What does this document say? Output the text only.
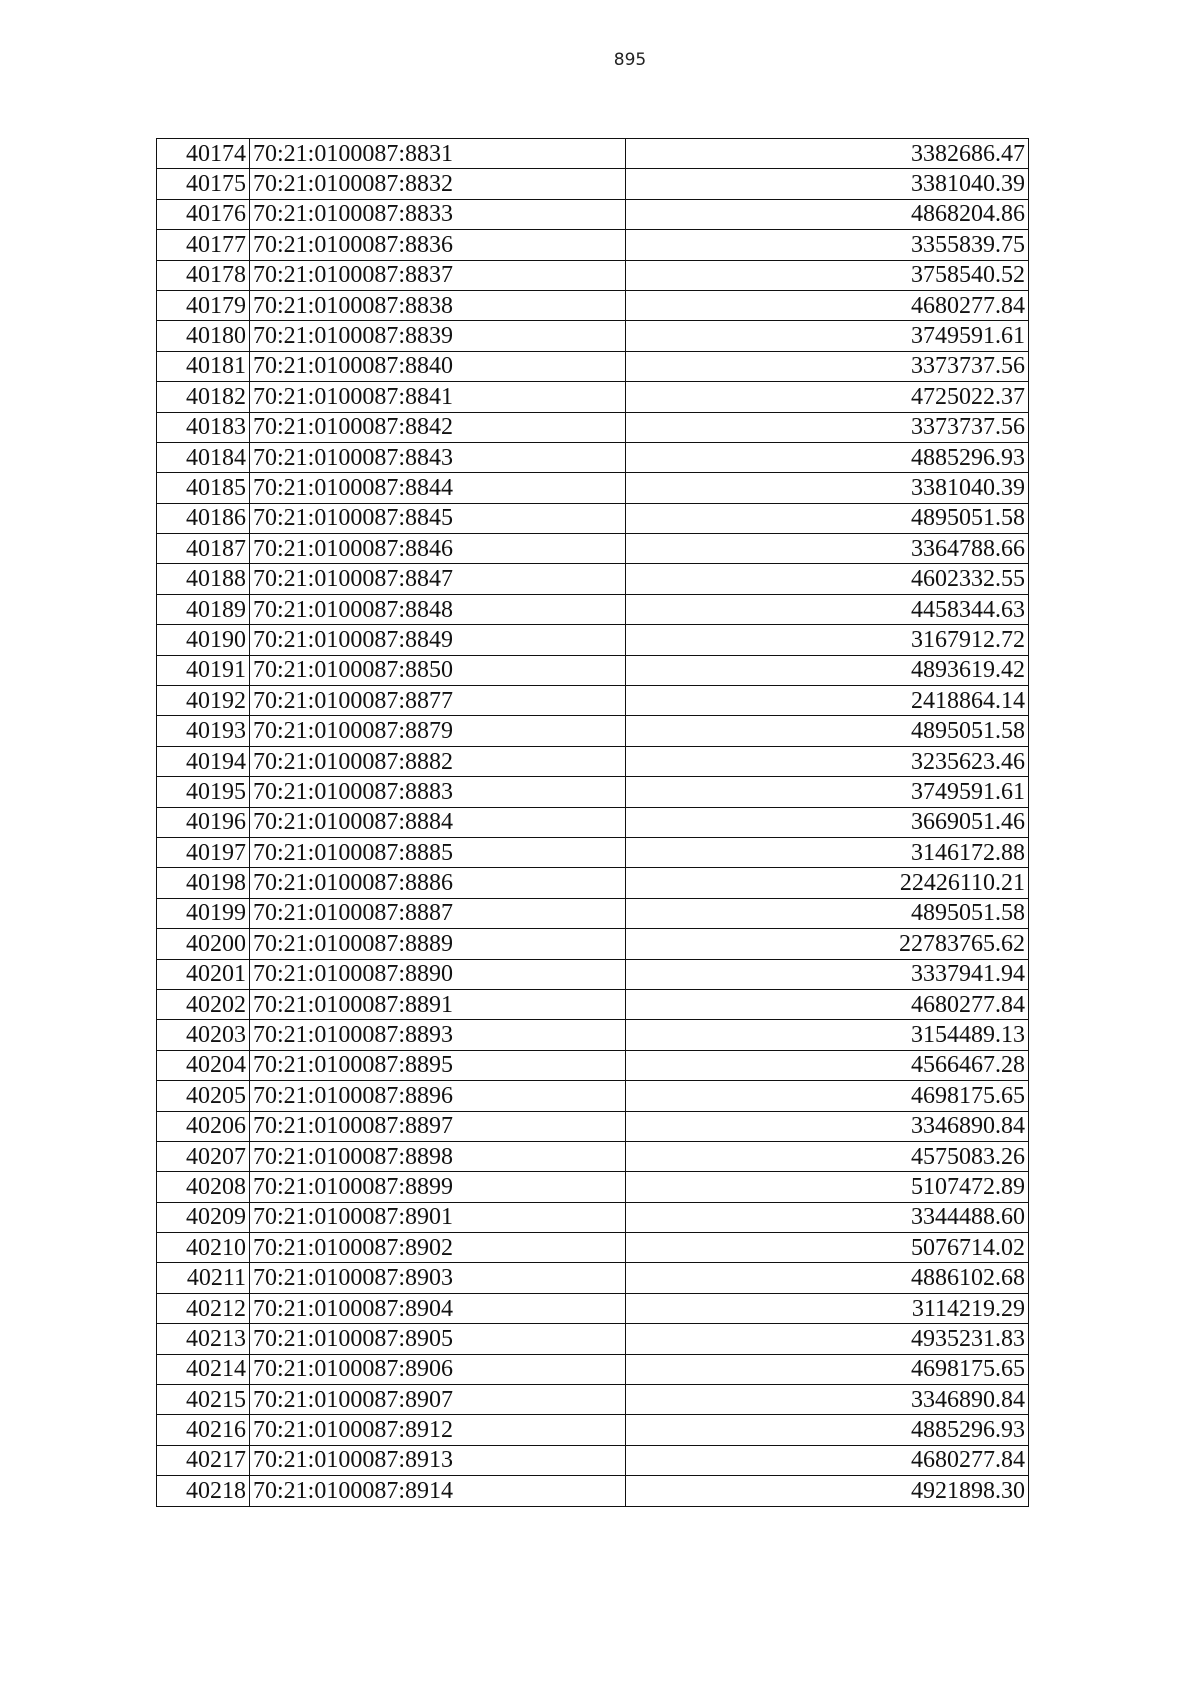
895
40174	70:21:0100087:8831	3382686.47
40175	70:21:0100087:8832	3381040.39
40176	70:21:0100087:8833	4868204.86
40177	70:21:0100087:8836	3355839.75
40178	70:21:0100087:8837	3758540.52
40179	70:21:0100087:8838	4680277.84
40180	70:21:0100087:8839	3749591.61
40181	70:21:0100087:8840	3373737.56
40182	70:21:0100087:8841	4725022.37
40183	70:21:0100087:8842	3373737.56
40184	70:21:0100087:8843	4885296.93
40185	70:21:0100087:8844	3381040.39
40186	70:21:0100087:8845	4895051.58
40187	70:21:0100087:8846	3364788.66
40188	70:21:0100087:8847	4602332.55
40189	70:21:0100087:8848	4458344.63
40190	70:21:0100087:8849	3167912.72
40191	70:21:0100087:8850	4893619.42
40192	70:21:0100087:8877	2418864.14
40193	70:21:0100087:8879	4895051.58
40194	70:21:0100087:8882	3235623.46
40195	70:21:0100087:8883	3749591.61
40196	70:21:0100087:8884	3669051.46
40197	70:21:0100087:8885	3146172.88
40198	70:21:0100087:8886	22426110.21
40199	70:21:0100087:8887	4895051.58
40200	70:21:0100087:8889	22783765.62
40201	70:21:0100087:8890	3337941.94
40202	70:21:0100087:8891	4680277.84
40203	70:21:0100087:8893	3154489.13
40204	70:21:0100087:8895	4566467.28
40205	70:21:0100087:8896	4698175.65
40206	70:21:0100087:8897	3346890.84
40207	70:21:0100087:8898	4575083.26
40208	70:21:0100087:8899	5107472.89
40209	70:21:0100087:8901	3344488.60
40210	70:21:0100087:8902	5076714.02
40211	70:21:0100087:8903	4886102.68
40212	70:21:0100087:8904	3114219.29
40213	70:21:0100087:8905	4935231.83
40214	70:21:0100087:8906	4698175.65
40215	70:21:0100087:8907	3346890.84
40216	70:21:0100087:8912	4885296.93
40217	70:21:0100087:8913	4680277.84
40218	70:21:0100087:8914	4921898.30
